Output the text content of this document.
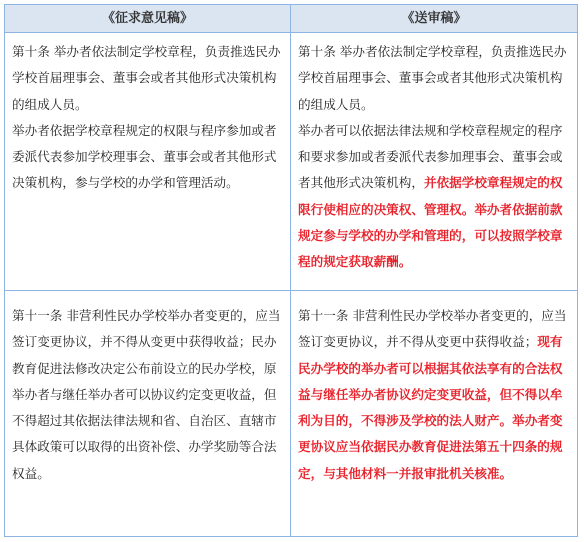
《征求意见稿》	《送审稿》

第十条 举办者依法制定学校章程，负责推选民办学校首届理事会、董事会或者其他形式决策机构的组成人员。

举办者依据学校章程规定的权限与程序参加或者委派代表参加学校理事会、董事会或者其他形式决策机构，参与学校的办学和管理活动。

第十条 举办者依法制定学校章程，负责推选民办学校首届理事会、董事会或者其他形式决策机构的组成人员。

举办者可以依据法律法规和学校章程规定的程序和要求参加或者委派代表参加理事会、董事会或者其他形式决策机构，并依据学校章程规定的权限行使相应的决策权、管理权。举办者依据前款规定参与学校的办学和管理的，可以按照学校章程的规定获取薪酬。

第十一条 非营利性民办学校举办者变更的，应当签订变更协议，并不得从变更中获得收益；民办教育促进法修改决定公布前设立的民办学校，原举办者与继任举办者可以协议约定变更收益，但不得超过其依据法律法规和省、自治区、直辖市具体政策可以取得的出资补偿、办学奖励等合法权益。

第十一条 非营利性民办学校举办者变更的，应当签订变更协议，并不得从变更中获得收益；现有民办学校的举办者可以根据其依法享有的合法权益与继任举办者协议约定变更收益，但不得以牟利为目的，不得涉及学校的法人财产。举办者变更协议应当依据民办教育促进法第五十四条的规定，与其他材料一并报审批机关核准。
